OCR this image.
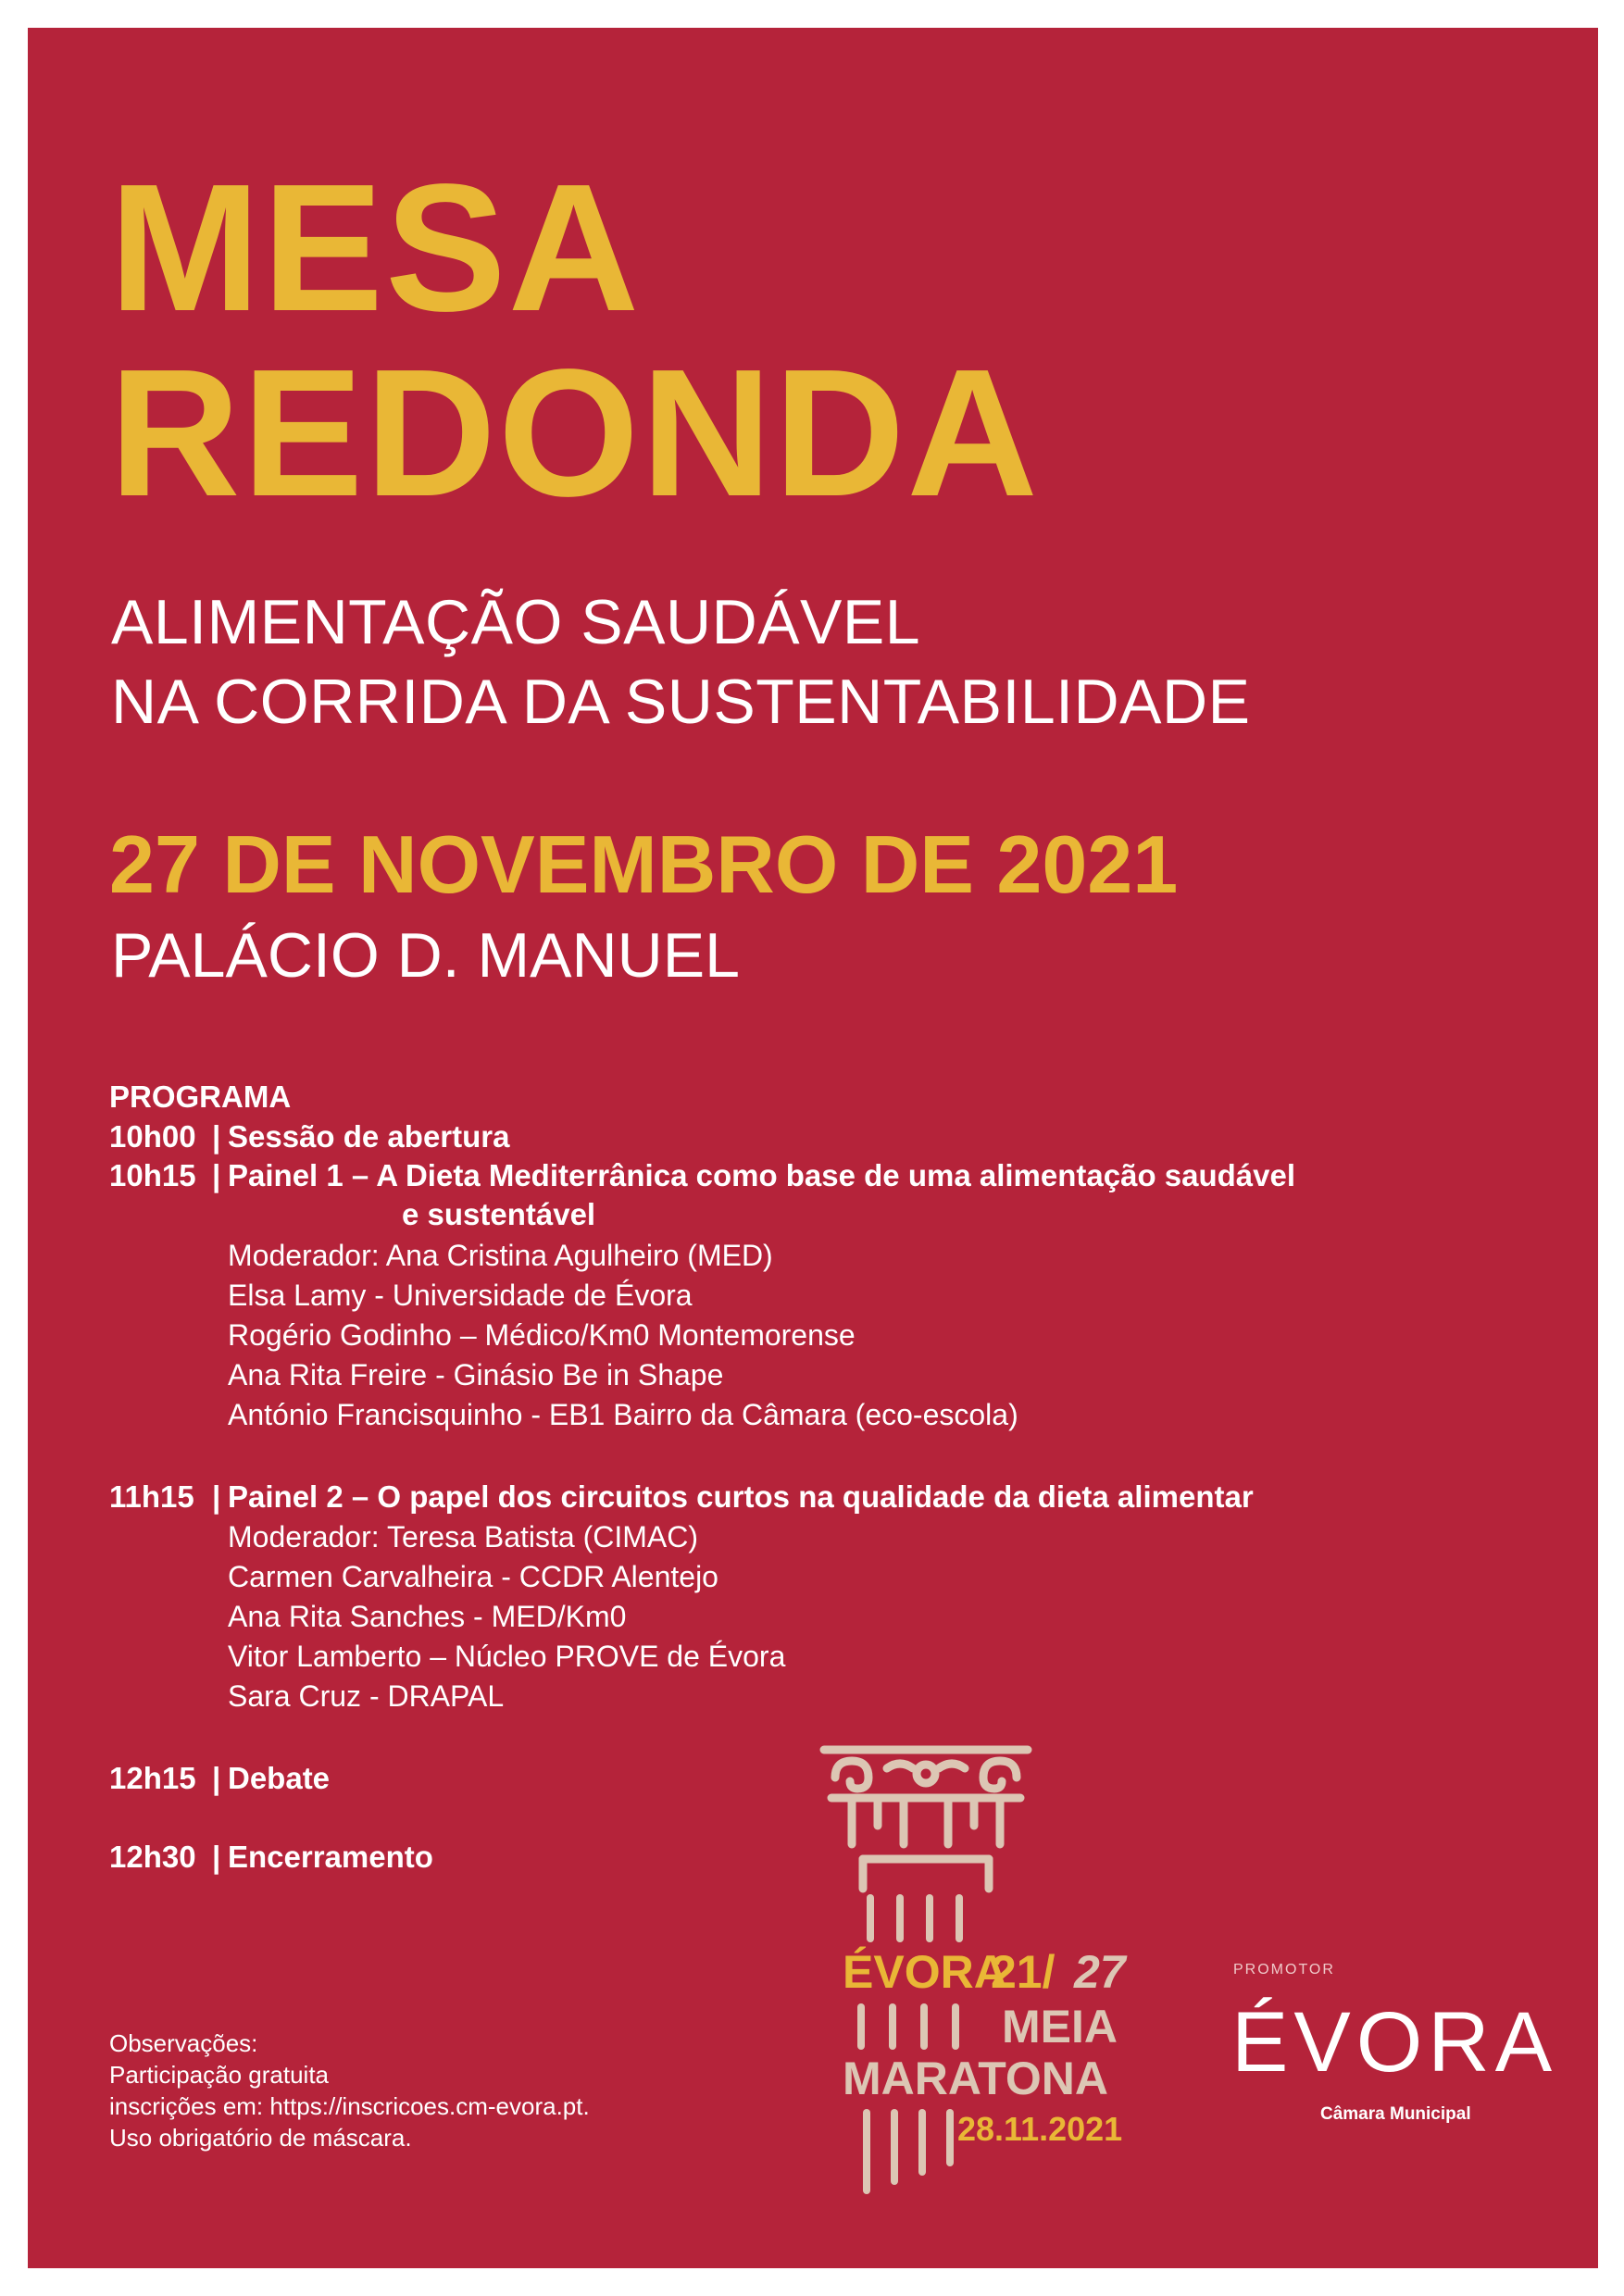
MESA
REDONDA
ALIMENTAÇÃO SAUDÁVEL
NA CORRIDA DA SUSTENTABILIDADE
27 DE NOVEMBRO DE 2021
PALÁCIO D. MANUEL
PROGRAMA
10h00 | Sessão de abertura
10h15 | Painel 1 – A Dieta Mediterrânica como base de uma alimentação saudável
e sustentável
Moderador: Ana Cristina Agulheiro (MED)
Elsa Lamy - Universidade de Évora
Rogério Godinho – Médico/Km0 Montemorense
Ana Rita Freire - Ginásio Be in Shape
António Francisquinho - EB1 Bairro da Câmara (eco-escola)
11h15 | Painel 2 – O papel dos circuitos curtos na qualidade da dieta alimentar
Moderador: Teresa Batista (CIMAC)
Carmen Carvalheira - CCDR Alentejo
Ana Rita Sanches - MED/Km0
Vitor Lamberto – Núcleo PROVE de Évora
Sara Cruz - DRAPAL
12h15 | Debate
12h30 | Encerramento
Observações:
Participação gratuita
inscrições em: https://inscricoes.cm-evora.pt.
Uso obrigatório de máscara.
ÉVORA
21/ 27
MEIA
MARATONA
28.11.2021
PROMOTOR
ÉVORA
Câmara Municipal
